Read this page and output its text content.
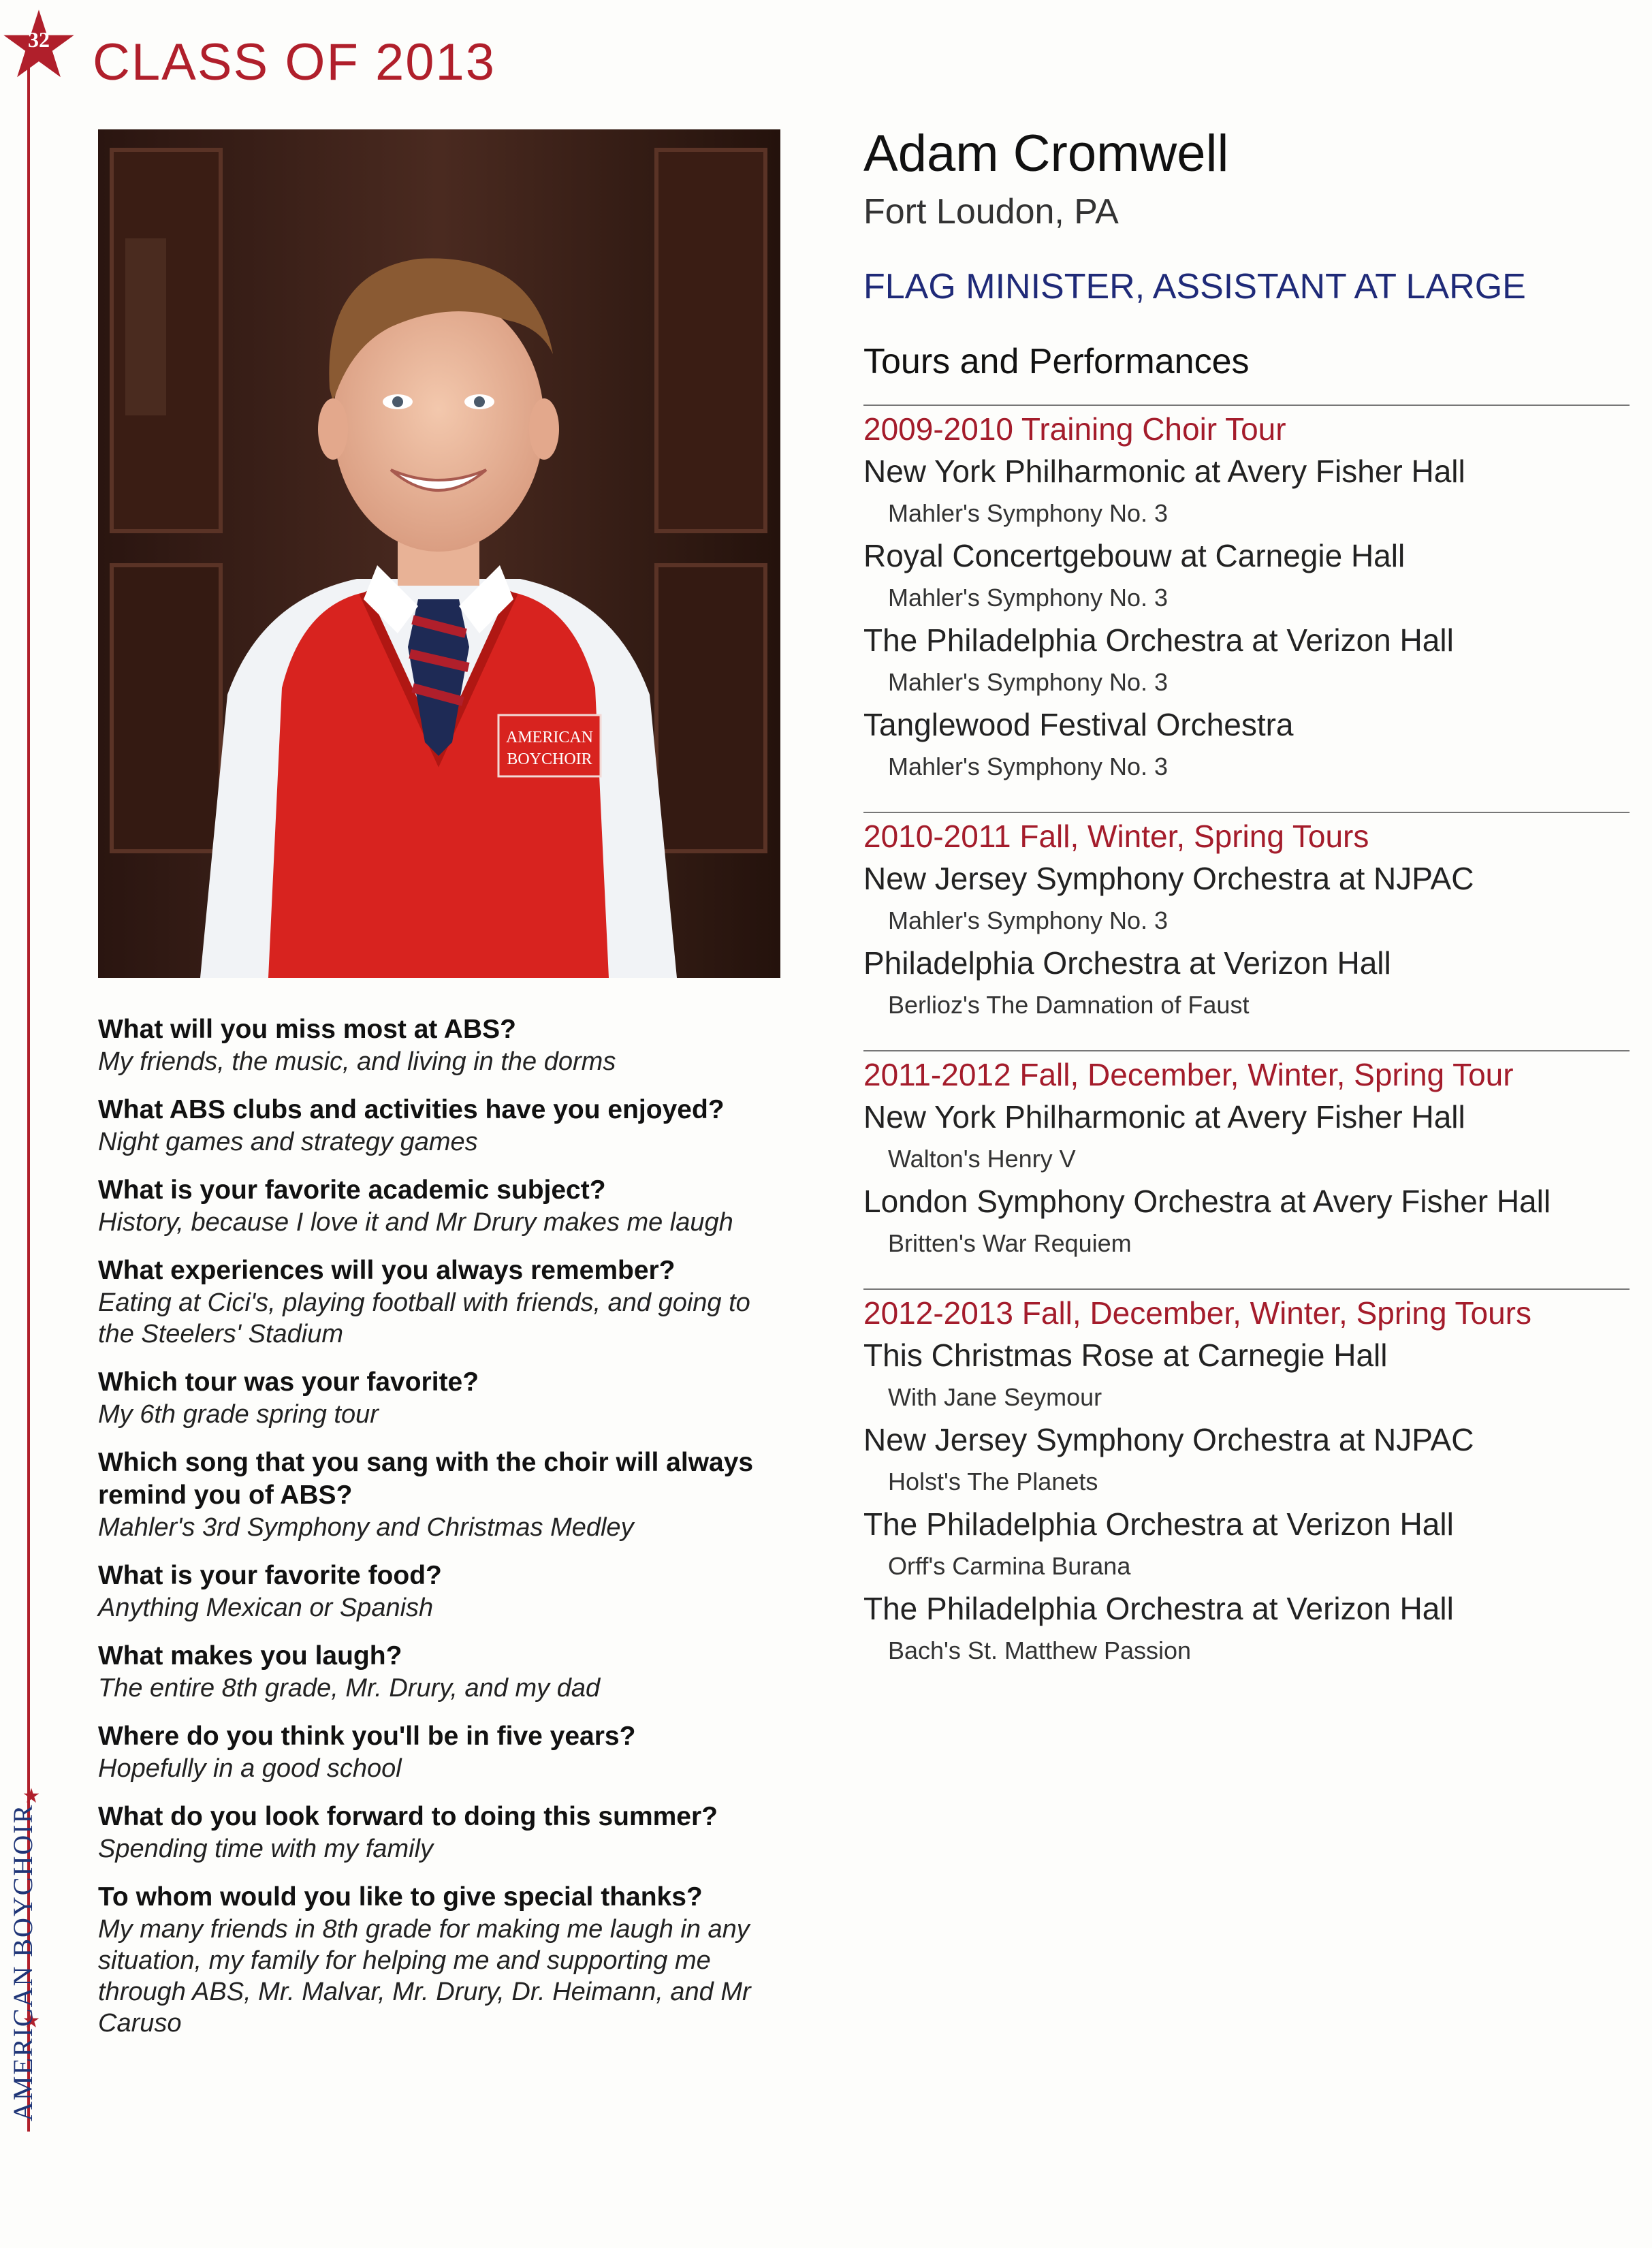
32
AMERICAN BOYCHOIR
CLASS OF 2013
AMERICAN
BOYCHOIR
What will you miss most at ABS?
My friends, the music, and living in the dorms
What ABS clubs and activities have you enjoyed?
Night games and strategy games
What is your favorite academic subject?
History, because I love it and Mr Drury makes me laugh
What experiences will you always remember?
Eating at Cici's, playing football with friends, and going to the Steelers' Stadium
Which tour was your favorite?
My 6th grade spring tour
Which song that you sang with the choir will always remind you of ABS?
Mahler's 3rd Symphony and Christmas Medley
What is your favorite food?
Anything Mexican or Spanish
What makes you laugh?
The entire 8th grade, Mr. Drury, and my dad
Where do you think you'll be in five years?
Hopefully in a good school
What do you look forward to doing this summer?
Spending time with my family
To whom would you like to give special thanks?
My many friends in 8th grade for making me laugh in any situation, my family for helping me and supporting me through ABS, Mr. Malvar, Mr. Drury, Dr. Heimann, and Mr Caruso
Adam Cromwell
Fort Loudon, PA
FLAG MINISTER, ASSISTANT AT LARGE
Tours and Performances
2009-2010 Training Choir Tour
New York Philharmonic at Avery Fisher Hall
Mahler's Symphony No. 3
Royal Concertgebouw at Carnegie Hall
Mahler's Symphony No. 3
The Philadelphia Orchestra at Verizon Hall
Mahler's Symphony No. 3
Tanglewood Festival Orchestra
Mahler's Symphony No. 3
2010-2011 Fall, Winter, Spring Tours
New Jersey Symphony Orchestra at NJPAC
Mahler's Symphony No. 3
Philadelphia Orchestra at Verizon Hall
Berlioz's The Damnation of Faust
2011-2012 Fall, December, Winter, Spring Tour
New York Philharmonic at Avery Fisher Hall
Walton's Henry V
London Symphony Orchestra at Avery Fisher Hall
Britten's War Requiem
2012-2013 Fall, December, Winter, Spring Tours
This Christmas Rose at Carnegie Hall
With Jane Seymour
New Jersey Symphony Orchestra at NJPAC
Holst's The Planets
The Philadelphia Orchestra at Verizon Hall
Orff's Carmina Burana
The Philadelphia Orchestra at Verizon Hall
Bach's St. Matthew Passion
